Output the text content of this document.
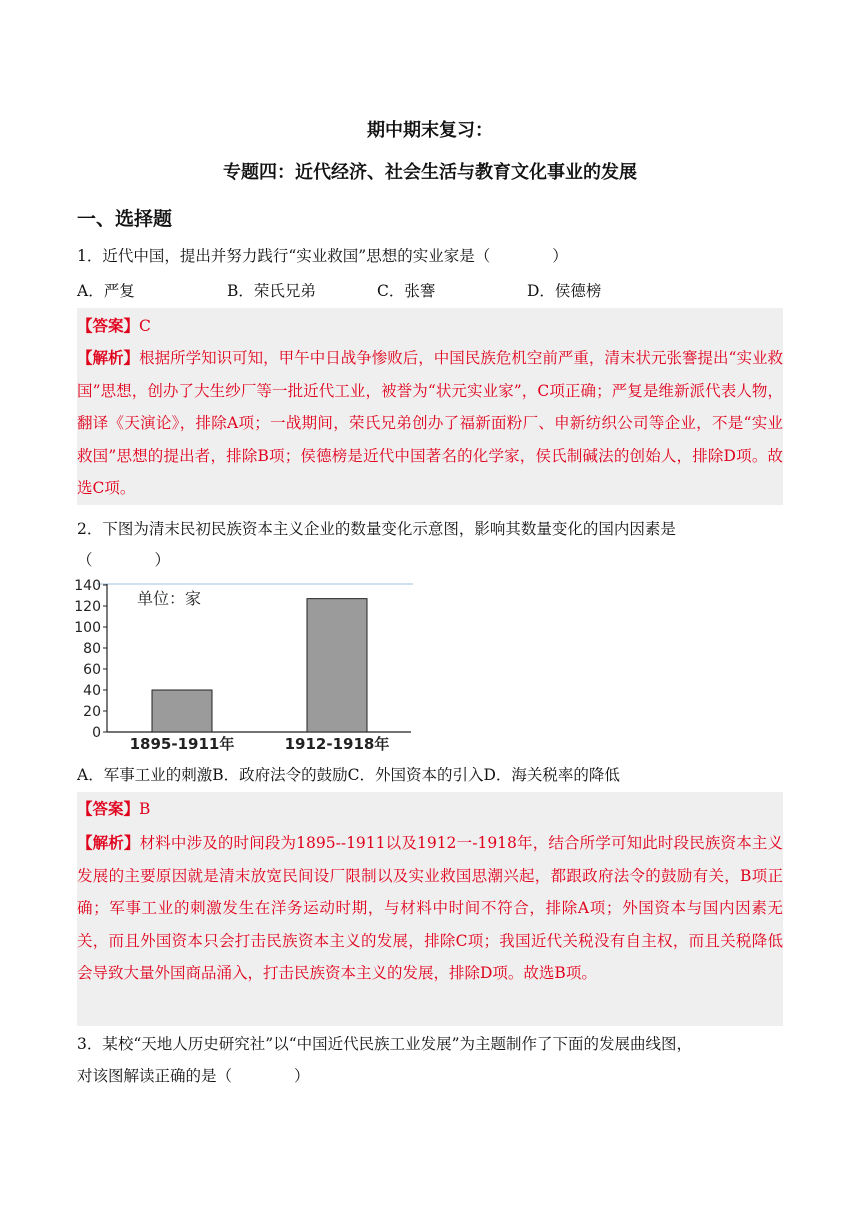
期中期末复习：
专题四：近代经济、社会生活与教育文化事业的发展
一、选择题
1．近代中国，提出并努力践行“实业救国”思想的实业家是（　　　　）
A．严复	B．荣氏兄弟	C．张謇	D．侯德榜
【答案】C
【解析】根据所学知识可知，甲午中日战争惨败后，中国民族危机空前严重，清末状元张謇提出“实业救国”思想，创办了大生纱厂等一批近代工业，被誉为“状元实业家”，C项正确；严复是维新派代表人物，翻译《天演论》，排除A项；一战期间，荣氏兄弟创办了福新面粉厂、申新纺织公司等企业，不是“实业救国”思想的提出者，排除B项；侯德榜是近代中国著名的化学家，侯氏制碱法的创始人，排除D项。故选C项。
2．下图为清末民初民族资本主义企业的数量变化示意图，影响其数量变化的国内因素是
（　　　　）
0
20
40
60
80
100
120
140
1895-1911年	1912-1918年
单位：家
A．军事工业的刺激B．政府法令的鼓励C．外国资本的引入D．海关税率的降低
【答案】B
【解析】材料中涉及的时间段为1895--1911以及1912一-1918年，结合所学可知此时段民族资本主义发展的主要原因就是清末放宽民间设厂限制以及实业救国思潮兴起，都跟政府法令的鼓励有关，B项正确；军事工业的刺激发生在洋务运动时期，与材料中时间不符合，排除A项；外国资本与国内因素无关，而且外国资本只会打击民族资本主义的发展，排除C项；我国近代关税没有自主权，而且关税降低会导致大量外国商品涌入，打击民族资本主义的发展，排除D项。故选B项。
3．某校“天地人历史研究社”以“中国近代民族工业发展”为主题制作了下面的发展曲线图，
对该图解读正确的是（　　　　）
